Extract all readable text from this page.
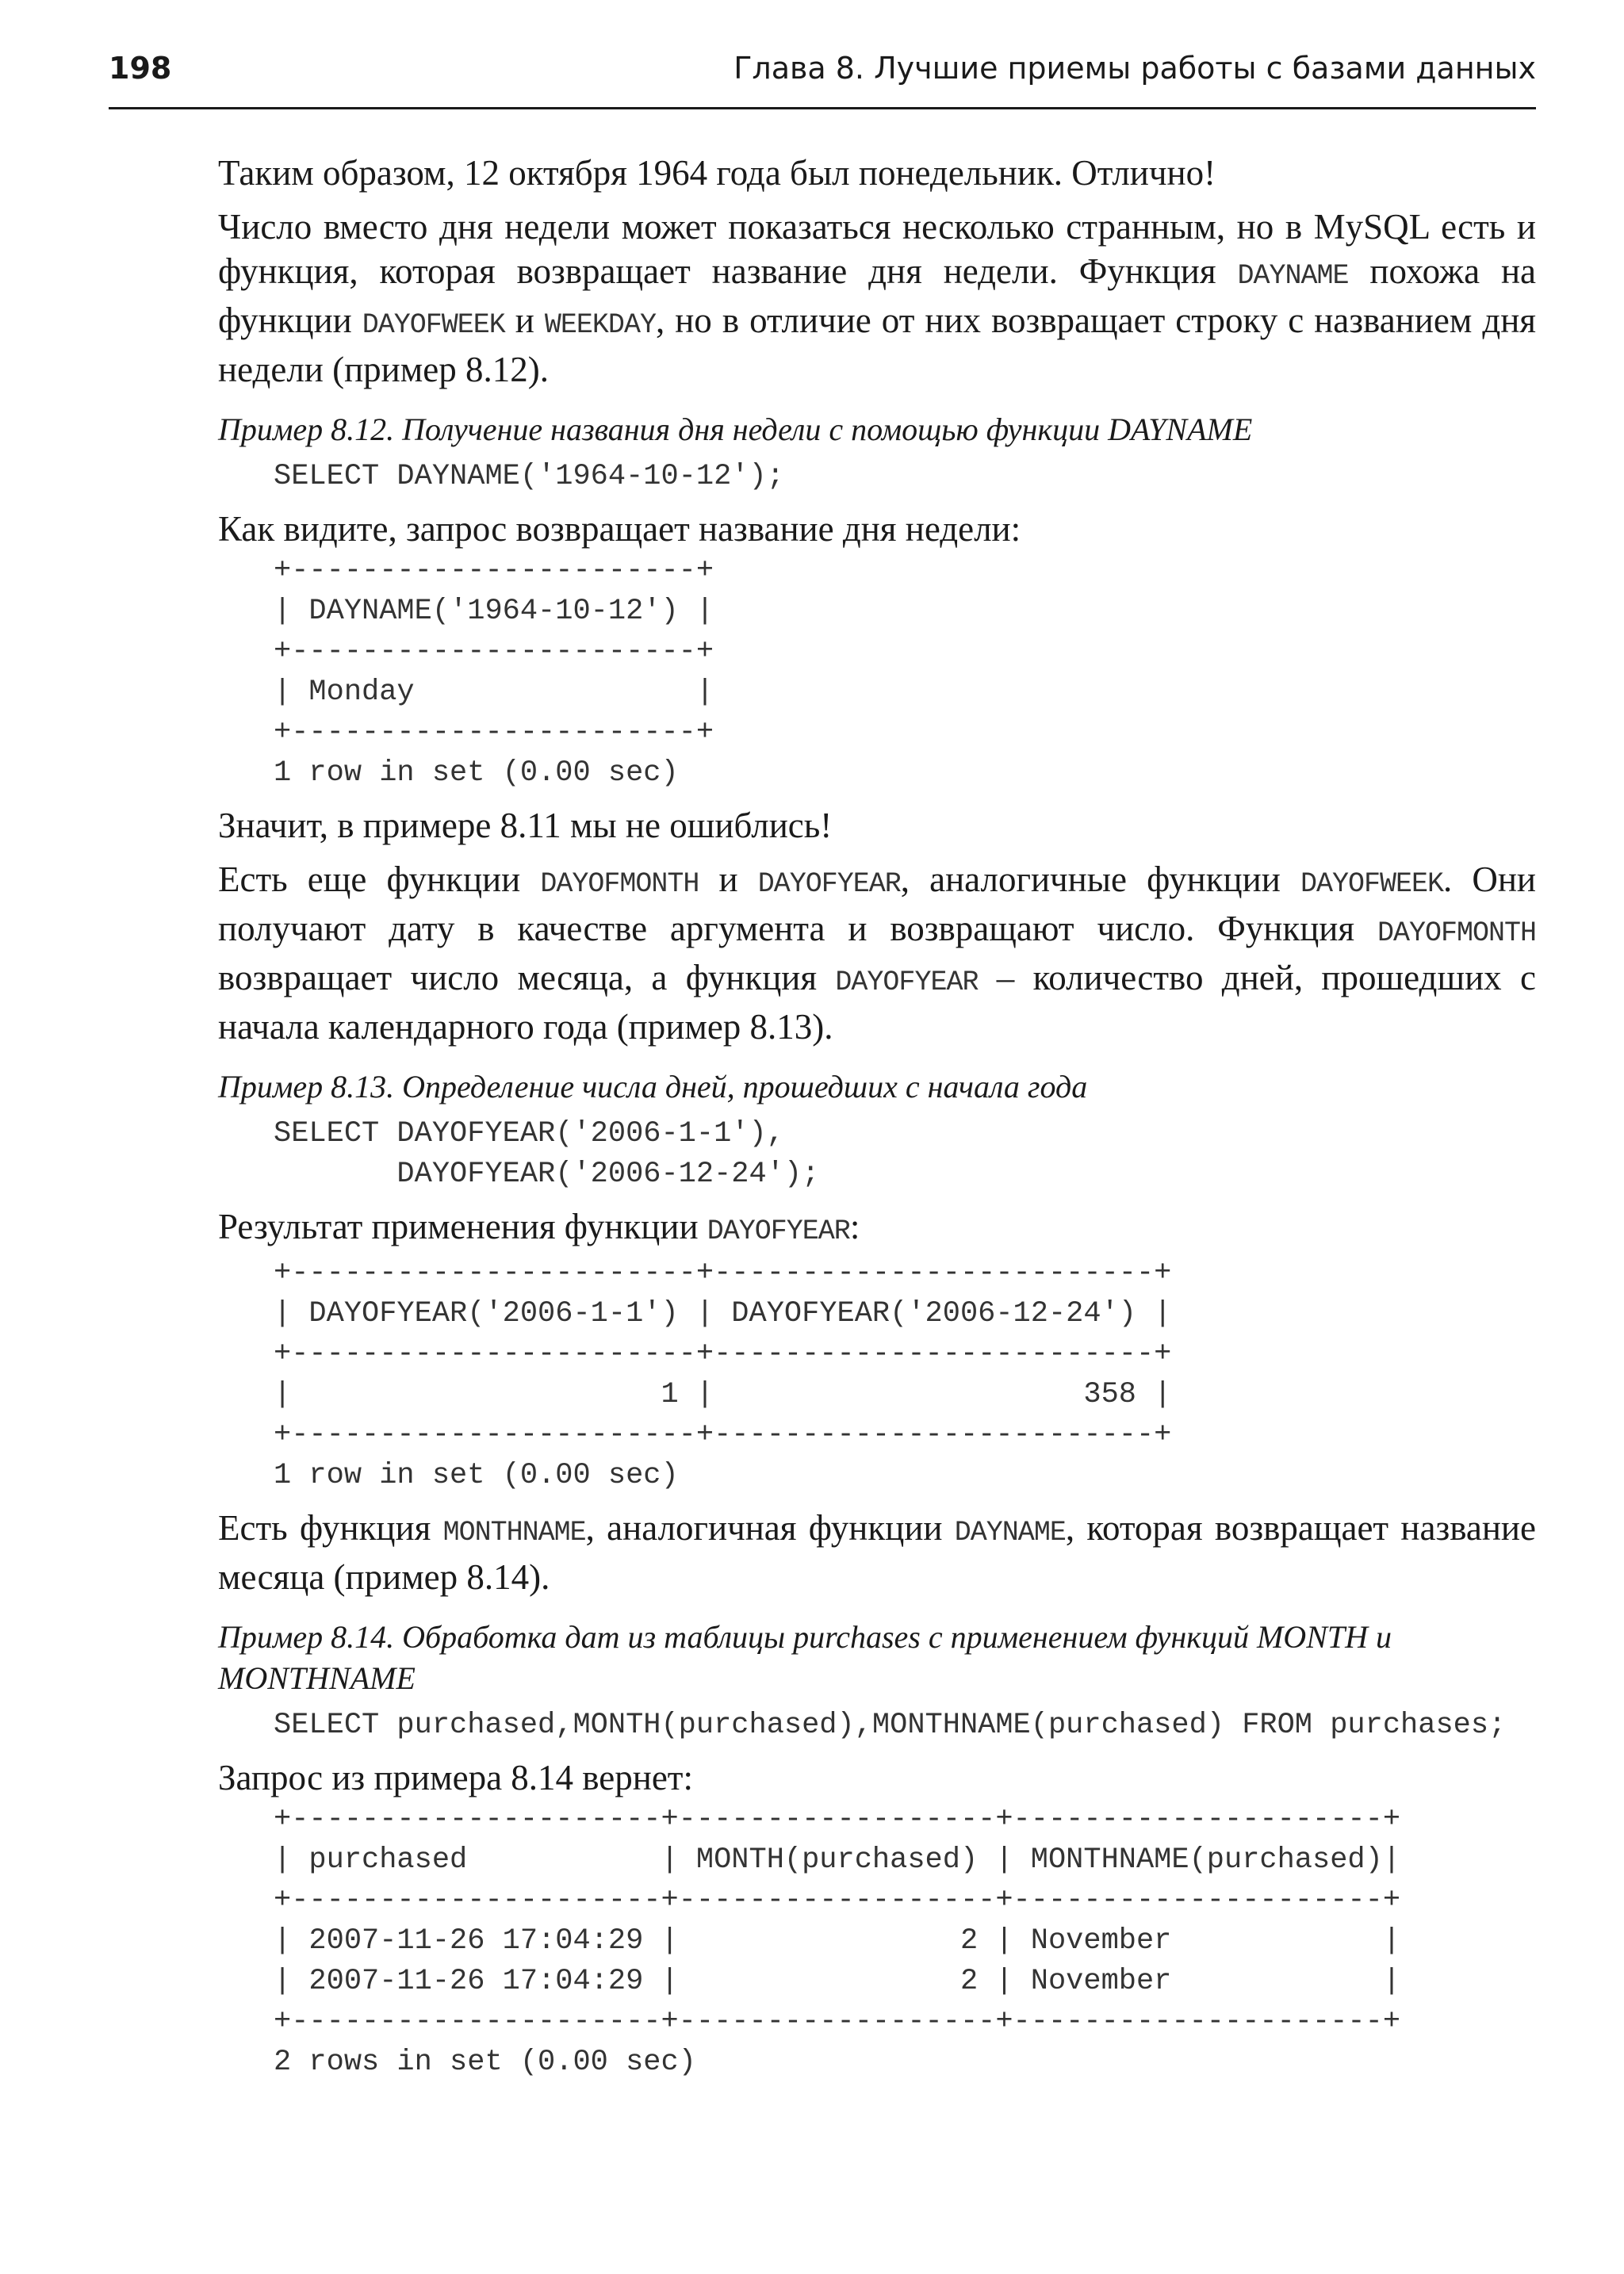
198	Глава 8. Лучшие приемы работы с базами данных

Таким образом, 12 октября 1964 года был понедельник. Отлично!

Число вместо дня недели может показаться несколько странным, но в MySQL есть и функция, которая возвращает название дня недели. Функция DAYNAME похожа на функции DAYOFWEEK и WEEKDAY, но в отличие от них возвращает строку с названием дня недели (пример 8.12).

Пример 8.12. Получение названия дня недели с помощью функции DAYNAME
SELECT DAYNAME('1964-10-12');

Как видите, запрос возвращает название дня недели:

+-----------------------+
| DAYNAME('1964-10-12') |
+-----------------------+
| Monday                |
+-----------------------+
1 row in set (0.00 sec)

Значит, в примере 8.11 мы не ошиблись!

Есть еще функции DAYOFMONTH и DAYOFYEAR, аналогичные функции DAYOFWEEK. Они получают дату в качестве аргумента и возвращают число. Функция DAYOFMONTH возвращает число месяца, а функция DAYOFYEAR – количество дней, прошедших с начала календарного года (пример 8.13).

Пример 8.13. Определение числа дней, прошедших с начала года
SELECT DAYOFYEAR('2006-1-1'),
DAYOFYEAR('2006-12-24');

Результат применения функции DAYOFYEAR:

+-----------------------+-------------------------+
| DAYOFYEAR('2006-1-1') | DAYOFYEAR('2006-12-24') |
+-----------------------+-------------------------+
|                     1 |                     358 |
+-----------------------+-------------------------+
1 row in set (0.00 sec)

Есть функция MONTHNAME, аналогичная функции DAYNAME, которая возвращает название месяца (пример 8.14).

Пример 8.14. Обработка дат из таблицы purchases с применением функций MONTH и MONTHNAME
SELECT purchased,MONTH(purchased),MONTHNAME(purchased) FROM purchases;

Запрос из примера 8.14 вернет:

+---------------------+------------------+---------------------+
| purchased           | MONTH(purchased) | MONTHNAME(purchased)|
+---------------------+------------------+---------------------+
| 2007-11-26 17:04:29 |                2 | November            |
| 2007-11-26 17:04:29 |                2 | November            |
+---------------------+------------------+---------------------+
2 rows in set (0.00 sec)
